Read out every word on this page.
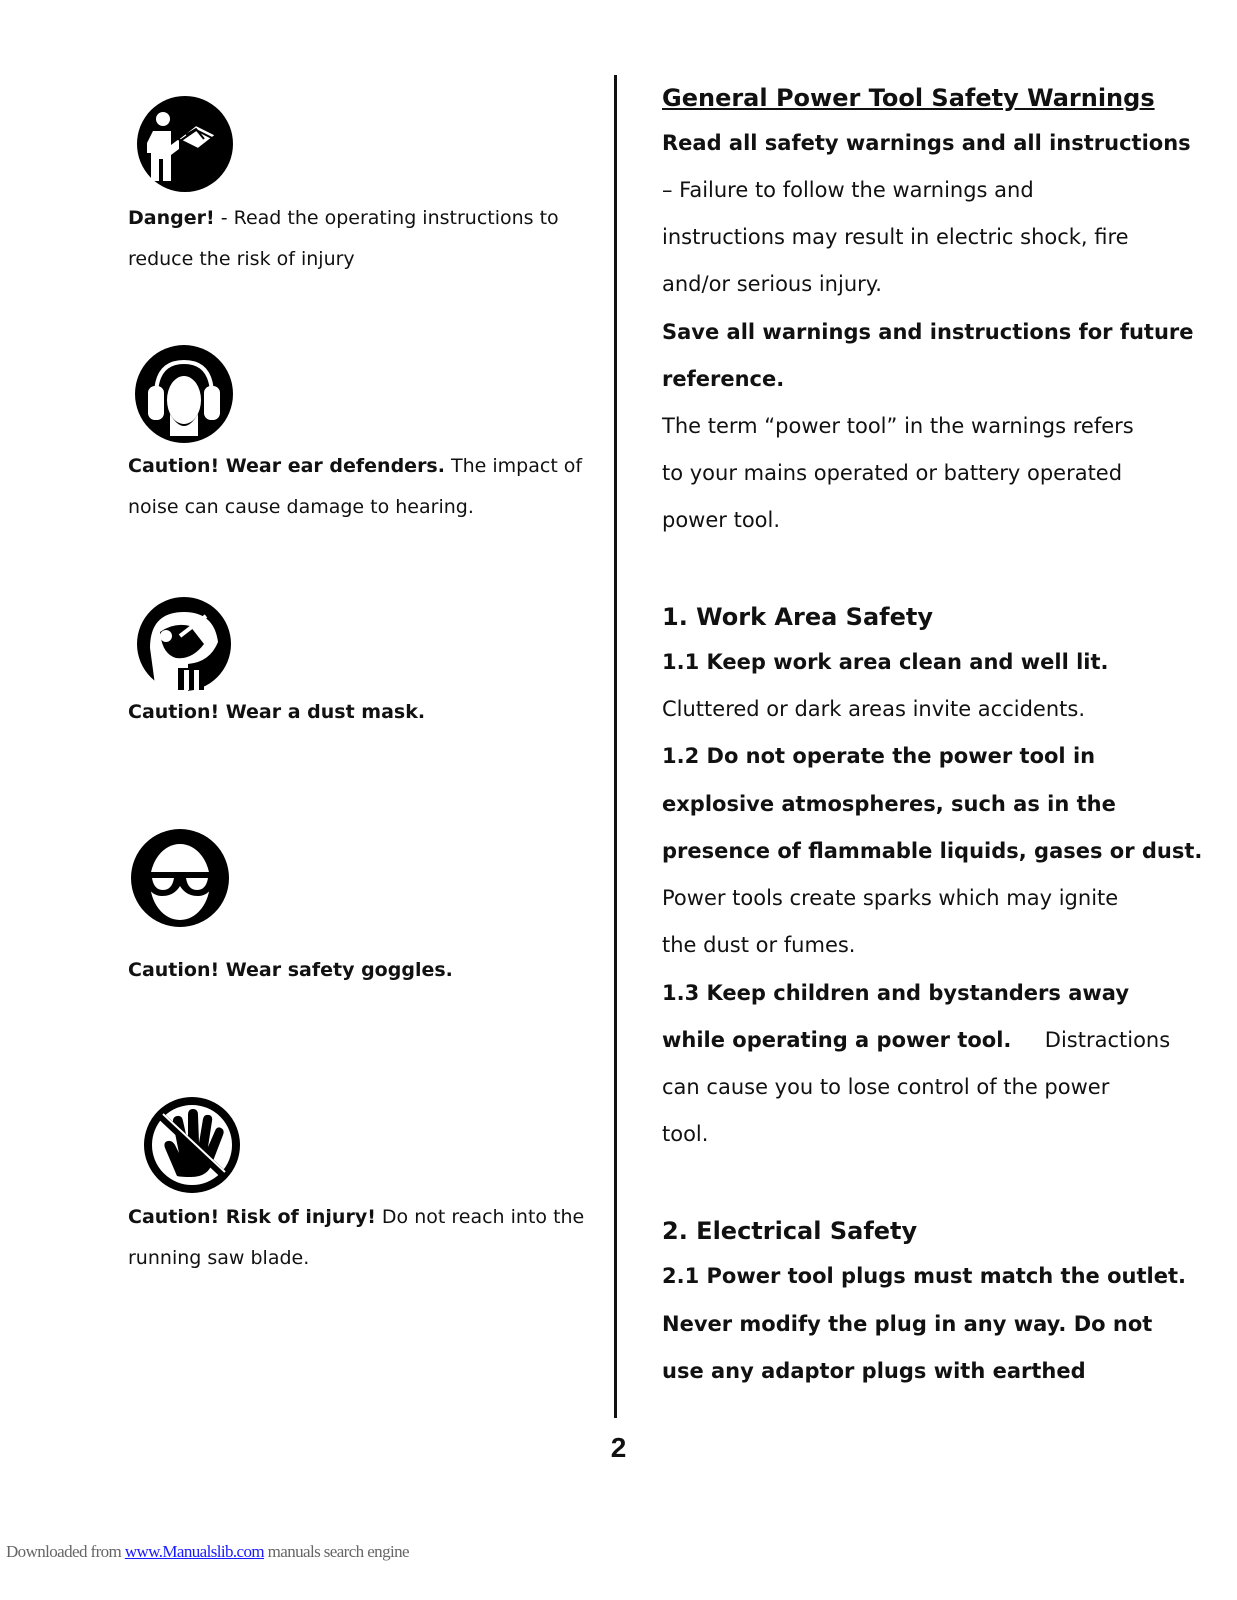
Danger! - Read the operating instructions to reduce the risk of injury
Caution! Wear ear defenders. The impact of noise can cause damage to hearing.
Caution! Wear a dust mask.
Caution! Wear safety goggles.
Caution! Risk of injury! Do not reach into the running saw blade.
General Power Tool Safety Warnings
Read all safety warnings and all instructions
– Failure to follow the warnings and
instructions may result in electric shock, fire
and/or serious injury.
Save all warnings and instructions for future
reference.
The term “power tool” in the warnings refers
to your mains operated or battery operated
power tool.
1. Work Area Safety
1.1 Keep work area clean and well lit.
Cluttered or dark areas invite accidents.
1.2 Do not operate the power tool in
explosive atmospheres, such as in the
presence of flammable liquids, gases or dust.
Power tools create sparks which may ignite
the dust or fumes.
1.3 Keep children and bystanders away
while operating a power tool.     Distractions
can cause you to lose control of the power
tool.
2. Electrical Safety
2.1 Power tool plugs must match the outlet.
Never modify the plug in any way. Do not
use any adaptor plugs with earthed
2
Downloaded from www.Manualslib.com manuals search engine
